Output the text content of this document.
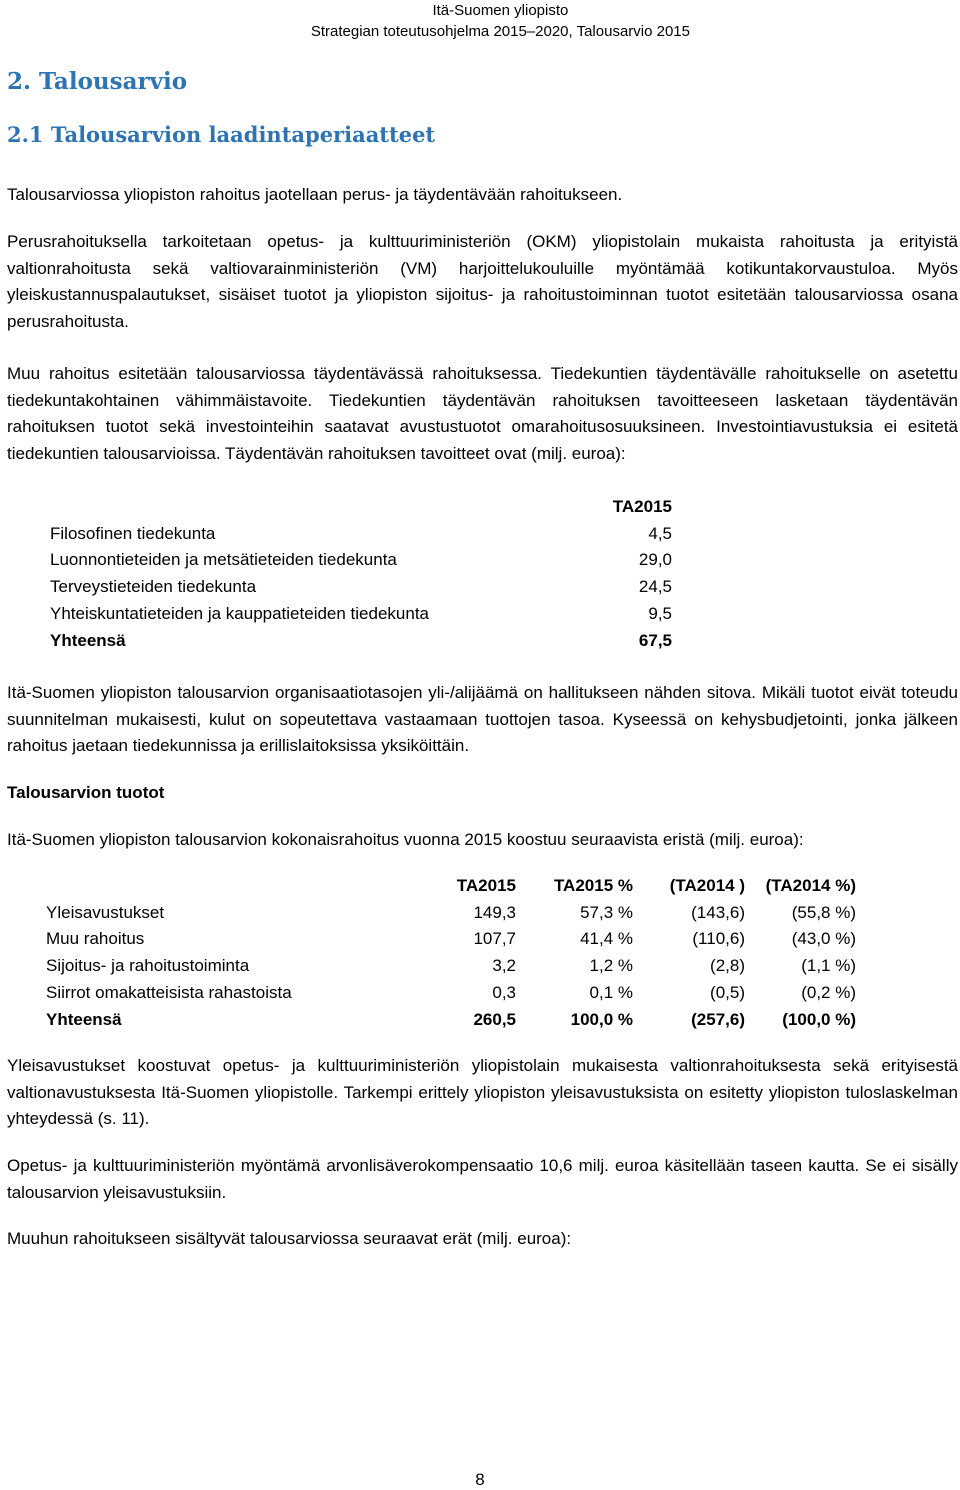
Itä-Suomen yliopisto
Strategian toteutusohjelma 2015–2020, Talousarvio 2015
2. Talousarvio
2.1 Talousarvion laadintaperiaatteet

Talousarviossa yliopiston rahoitus jaotellaan perus- ja täydentävään rahoitukseen.

Perusrahoituksella tarkoitetaan opetus- ja kulttuuriministeriön (OKM) yliopistolain mukaista rahoitusta ja erityistä valtionrahoitusta sekä valtiovarainministeriön (VM) harjoittelukouluille myöntämää kotikuntakorvaustuloa. Myös yleiskustannuspalautukset, sisäiset tuotot ja yliopiston sijoitus- ja rahoitustoiminnan tuotot esitetään talousarviossa osana perusrahoitusta.

Muu rahoitus esitetään talousarviossa täydentävässä rahoituksessa. Tiedekuntien täydentävälle rahoitukselle on asetettu tiedekuntakohtainen vähimmäistavoite. Tiedekuntien täydentävän rahoituksen tavoitteeseen lasketaan täydentävän rahoituksen tuotot sekä investointeihin saatavat avustustuotot omarahoitusosuuksineen. Investointiavustuksia ei esitetä tiedekuntien talousarvioissa. Täydentävän rahoituksen tavoitteet ovat (milj. euroa):

	TA2015
Filosofinen tiedekunta	4,5
Luonnontieteiden ja metsätieteiden tiedekunta	29,0
Terveystieteiden tiedekunta	24,5
Yhteiskuntatieteiden ja kauppatieteiden tiedekunta	9,5
Yhteensä	67,5

Itä-Suomen yliopiston talousarvion organisaatiotasojen yli-/alijäämä on hallitukseen nähden sitova. Mikäli tuotot eivät toteudu suunnitelman mukaisesti, kulut on sopeutettava vastaamaan tuottojen tasoa. Kyseessä on kehysbudjetointi, jonka jälkeen rahoitus jaetaan tiedekunnissa ja erillislaitoksissa yksiköittäin.

Talousarvion tuotot

Itä-Suomen yliopiston talousarvion kokonaisrahoitus vuonna 2015 koostuu seuraavista eristä (milj. euroa):

	TA2015	TA2015 %	(TA2014 )	(TA2014 %)
Yleisavustukset	149,3	57,3 %	(143,6)	(55,8 %)
Muu rahoitus	107,7	41,4 %	(110,6)	(43,0 %)
Sijoitus- ja rahoitustoiminta	3,2	1,2 %	(2,8)	(1,1 %)
Siirrot omakatteisista rahastoista	0,3	0,1 %	(0,5)	(0,2 %)
Yhteensä	260,5	100,0 %	(257,6)	(100,0 %)

Yleisavustukset koostuvat opetus- ja kulttuuriministeriön yliopistolain mukaisesta valtionrahoituksesta sekä erityisestä valtionavustuksesta Itä-Suomen yliopistolle. Tarkempi erittely yliopiston yleisavustuksista on esitetty yliopiston tuloslaskelman yhteydessä (s. 11).

Opetus- ja kulttuuriministeriön myöntämä arvonlisäverokompensaatio 10,6 milj. euroa käsitellään taseen kautta. Se ei sisälly talousarvion yleisavustuksiin.

Muuhun rahoitukseen sisältyvät talousarviossa seuraavat erät (milj. euroa):

8
